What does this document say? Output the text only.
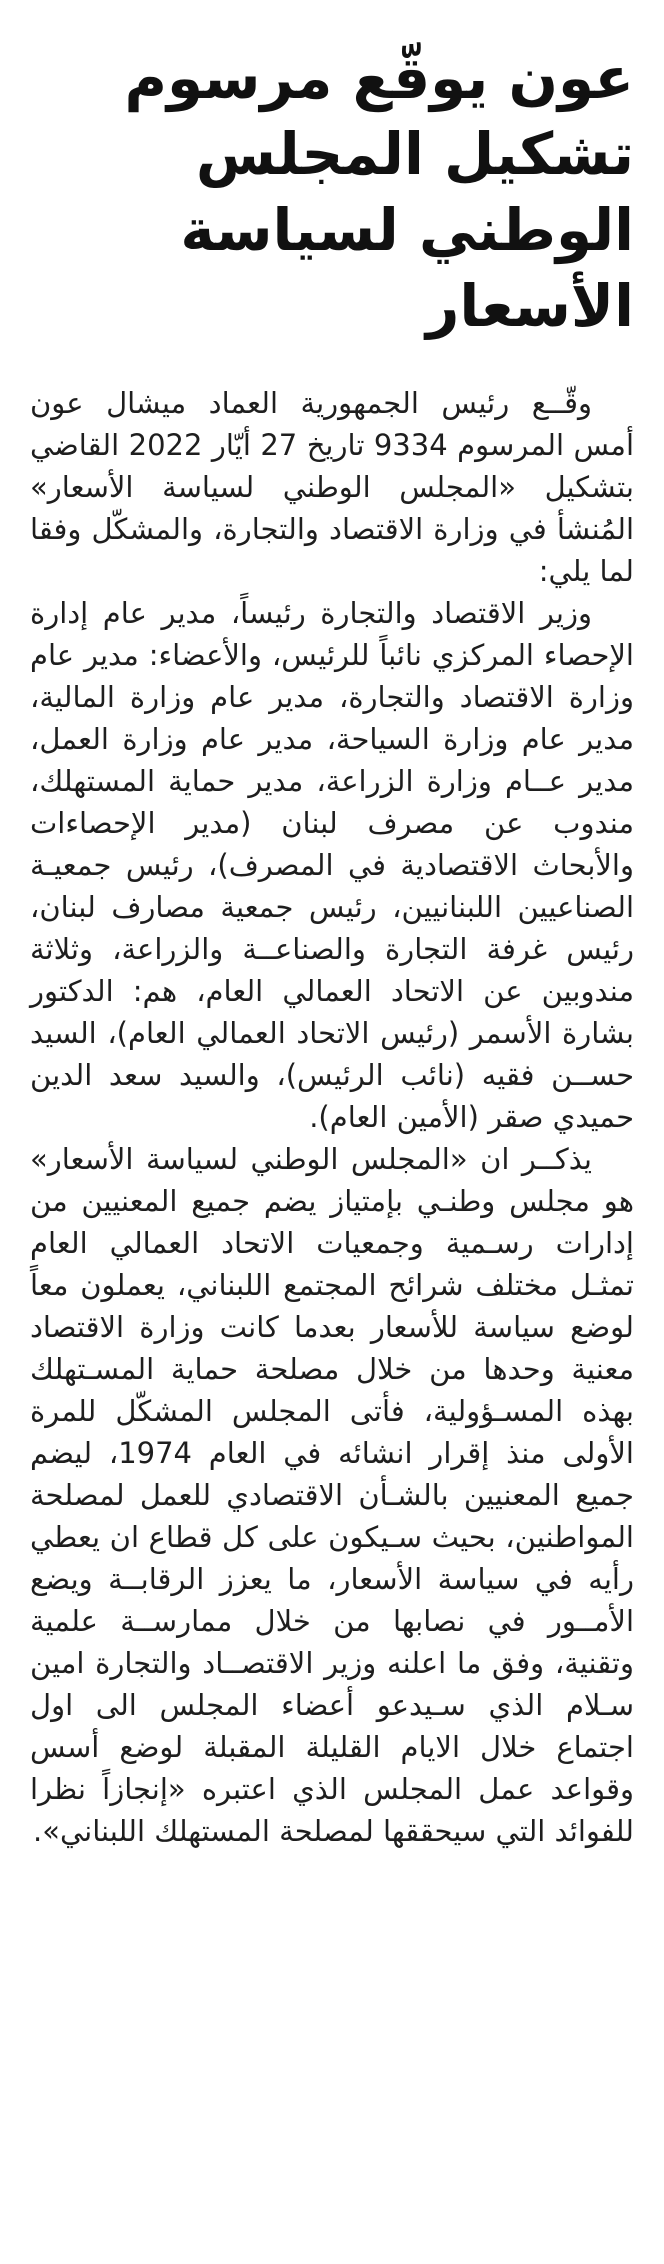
عون يوقّع مرسوم تشكيل المجلس الوطني لسياسة الأسعار

وقّــع رئيس الجمهورية العماد ميشال عون أمس المرسوم 9334 تاريخ 27 أيّار 2022 القاضي بتشكيل «المجلس الوطني لسياسة الأسعار» المُنشأ في وزارة الاقتصاد والتجارة، والمشكّل وفقا لما يلي:

وزير الاقتصاد والتجارة رئيساً، مدير عام إدارة الإحصاء المركزي نائباً للرئيس، والأعضاء: مدير عام وزارة الاقتصاد والتجارة، مدير عام وزارة المالية، مدير عام وزارة السياحة، مدير عام وزارة العمل، مدير عــام وزارة الزراعة، مدير حماية المستهلك، مندوب عن مصرف لبنان (مدير الإحصاءات والأبحاث الاقتصادية في المصرف)، رئيس جمعيـة الصناعيين اللبنانيين، رئيس جمعية مصارف لبنان، رئيس غرفة التجارة والصناعــة والزراعة، وثلاثة مندوبين عن الاتحاد العمالي العام، هم: الدكتور بشارة الأسمر (رئيس الاتحاد العمالي العام)، السيد حســن فقيه (نائب الرئيس)، والسيد سعد الدين حميدي صقر (الأمين العام).

يذكــر ان «المجلس الوطني لسياسة الأسعار» هو مجلس وطنـي بإمتياز يضم جميع المعنيين من إدارات رسـمية وجمعيات الاتحاد العمالي العام تمثـل مختلف شرائح المجتمع اللبناني، يعملون معاً لوضع سياسة للأسعار بعدما كانت وزارة الاقتصاد معنية وحدها من خلال مصلحة حماية المسـتهلك بهذه المسـؤولية، فأتى المجلس المشكّل للمرة الأولى منذ إقرار انشائه في العام 1974، ليضم جميع المعنيين بالشـأن الاقتصادي للعمل لمصلحة المواطنين، بحيث سـيكون على كل قطاع ان يعطي رأيه في سياسة الأسعار، ما يعزز الرقابــة ويضع الأمــور في نصابها من خلال ممارســة علمية وتقنية، وفق ما اعلنه وزير الاقتصــاد والتجارة امين سـلام الذي سـيدعو أعضاء المجلس الى اول اجتماع خلال الايام القليلة المقبلة لوضع أسس وقواعد عمل المجلس الذي اعتبره «إنجازاً نظرا للفوائد التي سيحققها لمصلحة المستهلك اللبناني».
